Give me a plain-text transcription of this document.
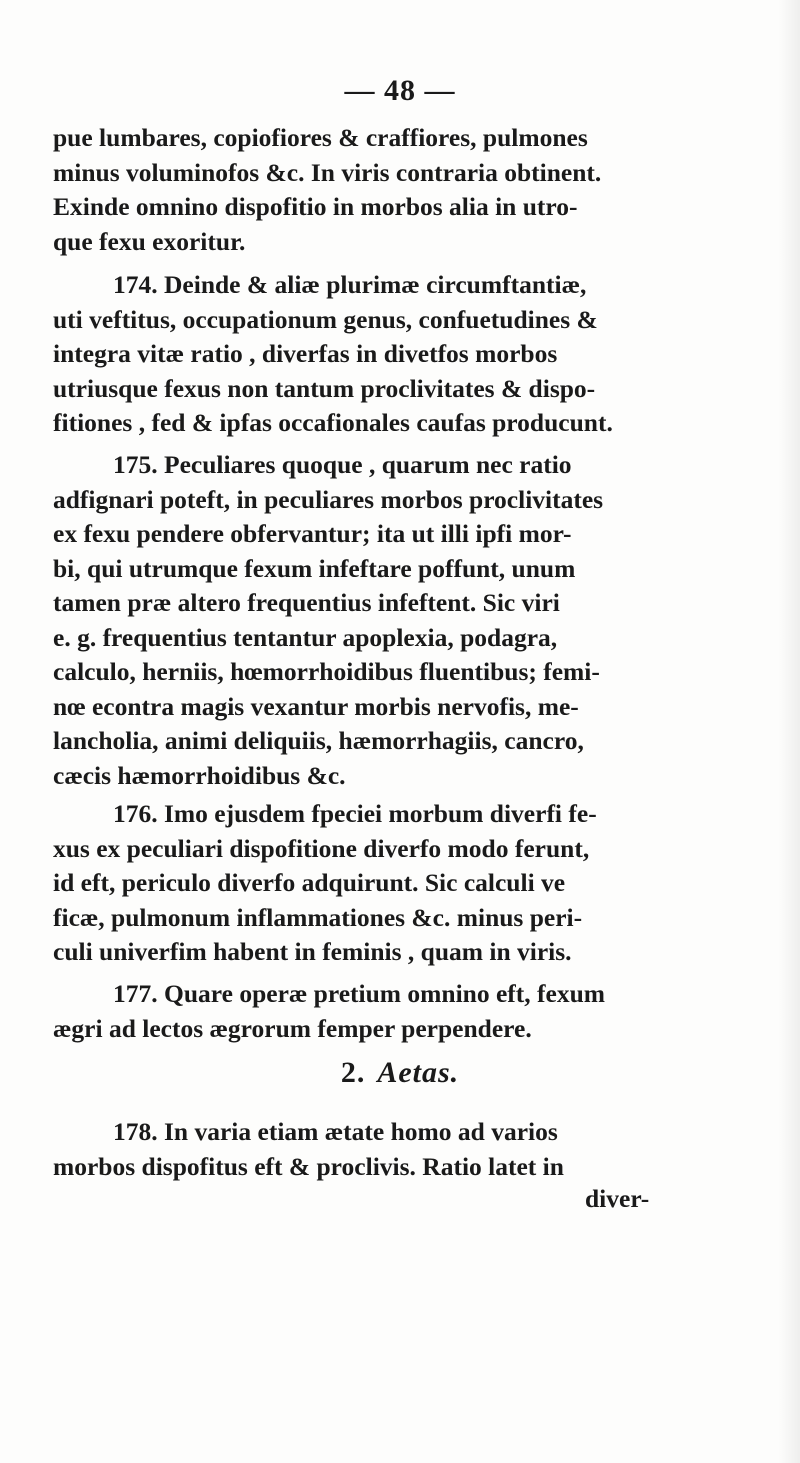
— 48 —
pue lumbares, copiofiores & craffiores, pulmones
minus voluminofos &c. In viris contraria obtinent.
Exinde omnino dispofitio in morbos alia in utro-
que fexu exoritur.
174. Deinde & aliæ plurimæ circumftantiæ,
uti veftitus, occupationum genus, confuetudines &
integra vitæ ratio , diverfas in divetfos morbos
utriusque fexus non tantum proclivitates & dispo-
fitiones , fed & ipfas occafionales caufas producunt.
175. Peculiares quoque , quarum nec ratio
adfignari poteft, in peculiares morbos proclivitates
ex fexu pendere obfervantur; ita ut illi ipfi mor-
bi, qui utrumque fexum infeftare poffunt, unum
tamen præ altero frequentius infeftent. Sic viri
e. g. frequentius tentantur apoplexia, podagra,
calculo, herniis, hœmorrhoidibus fluentibus; femi-
nœ econtra magis vexantur morbis nervofis, me-
lancholia, animi deliquiis, hæmorrhagiis, cancro,
cæcis hæmorrhoidibus &c.
176. Imo ejusdem fpeciei morbum diverfi fe-
xus ex peculiari dispofitione diverfo modo ferunt,
id eft, periculo diverfo adquirunt. Sic calculi ve
ficæ, pulmonum inflammationes &c. minus peri-
culi univerfim habent in feminis , quam in viris.
177. Quare operæ pretium omnino eft, fexum
ægri ad lectos ægrorum femper perpendere.
2. Aetas.
178. In varia etiam ætate homo ad varios
morbos dispofitus eft & proclivis. Ratio latet in
diver-
